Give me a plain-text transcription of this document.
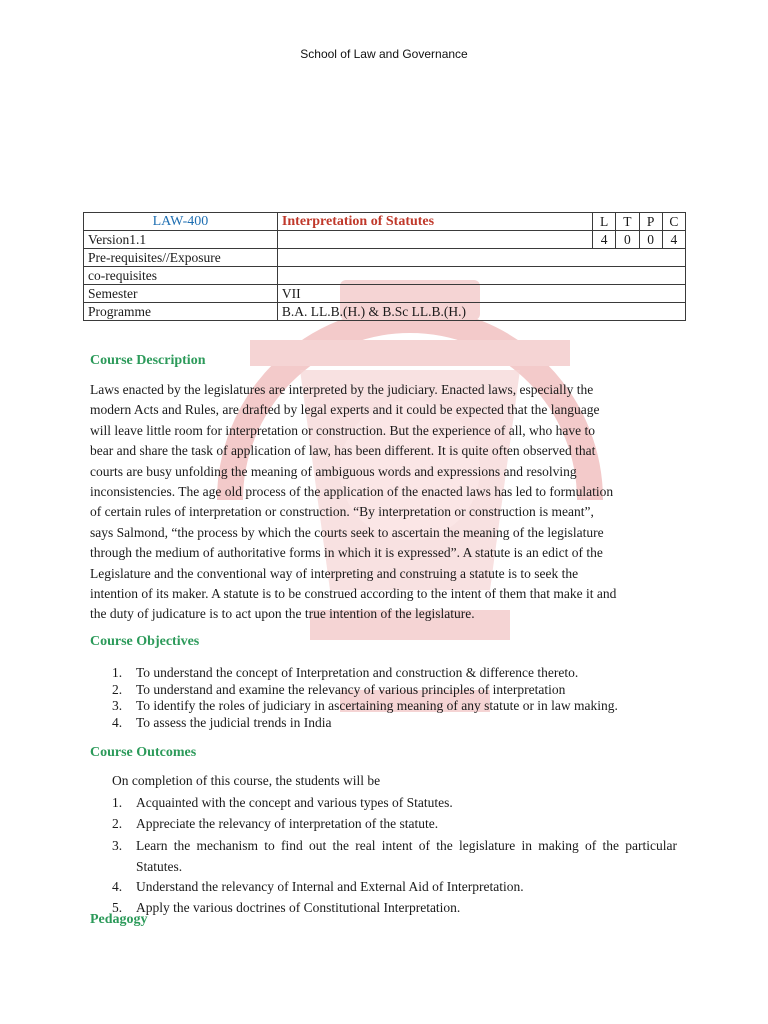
School of Law and Governance
LAW-400	Interpretation of Statutes	L	T	P	C
Version1.1		4	0	0	4
Pre-requisites//Exposure					
co-requisites					
Semester	VII				
Programme	B.A. LL.B.(H.) & B.Sc LL.B.(H.)				
Course Description
Laws enacted by the legislatures are interpreted by the judiciary. Enacted laws, especially the
modern Acts and Rules, are drafted by legal experts and it could be expected that the language
will leave little room for interpretation or construction. But the experience of all, who have to
bear and share the task of application of law, has been different. It is quite often observed that
courts are busy unfolding the meaning of ambiguous words and expressions and resolving
inconsistencies. The age old process of the application of the enacted laws has led to formulation
of certain rules of interpretation or construction. “By interpretation or construction is meant”,
says Salmond, “the process by which the courts seek to ascertain the meaning of the legislature
through the medium of authoritative forms in which it is expressed”. A statute is an edict of the
Legislature and the conventional way of interpreting and construing a statute is to seek the
intention of its maker. A statute is to be construed according to the intent of them that make it and
the duty of judicature is to act upon the true intention of the legislature.
Course Objectives
1. To understand the concept of Interpretation and construction & difference thereto.
2. To understand and examine the relevancy of various principles of interpretation
3. To identify the roles of judiciary in ascertaining meaning of any statute or in law making.
4. To assess the judicial trends in India
Course Outcomes
On completion of this course, the students will be
1. Acquainted with the concept and various types of Statutes.
2. Appreciate the relevancy of interpretation of the statute.
3. Learn the mechanism to find out the real intent of the legislature in making of the particular Statutes.
4. Understand the relevancy of Internal and External Aid of Interpretation.
5. Apply the various doctrines of Constitutional Interpretation.
Pedagogy
